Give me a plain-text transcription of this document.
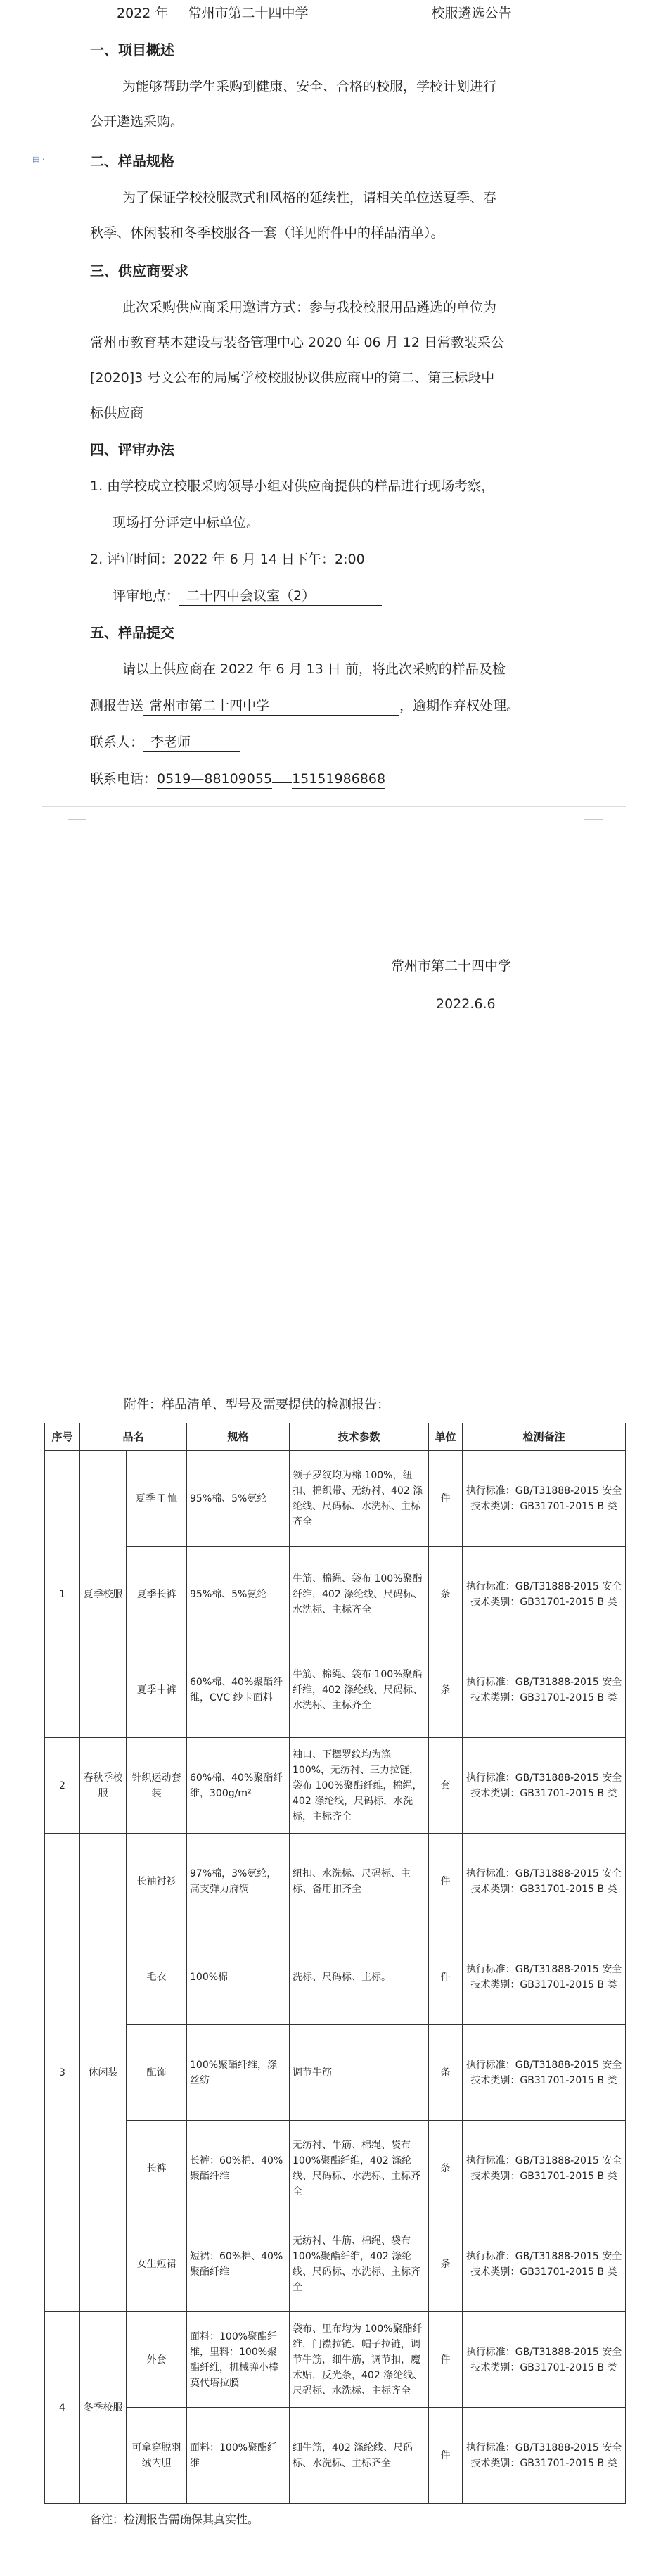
2022 年 常州市第二十四中学	校服遴选公告
一、项目概述
为能够帮助学生采购到健康、安全、合格的校服，学校计划进行
公开遴选采购。
▤ ·	二、样品规格
为了保证学校校服款式和风格的延续性，请相关单位送夏季、春
秋季、休闲装和冬季校服各一套（详见附件中的样品清单）。
三、供应商要求
此次采购供应商采用邀请方式：参与我校校服用品遴选的单位为
常州市教育基本建设与装备管理中心 2020 年 06 月 12 日常教装采公
[2020]3 号文公布的局属学校校服协议供应商中的第二、第三标段中
标供应商
四、评审办法
1. 由学校成立校服采购领导小组对供应商提供的样品进行现场考察，
现场打分评定中标单位。
2. 评审时间：2022 年 6 月 14 日下午：2:00
评审地点： 二十四中会议室（2）
五、样品提交
请以上供应商在 2022 年 6 月 13 日 前，将此次采购的样品及检
测报告送 常州市第二十四中学	，逾期作弃权处理。
联系人： 李老师
联系电话：0519—88109055 15151986868
常州市第二十四中学
2022.6.6
附件：样品清单、型号及需要提供的检测报告：
序号	品名		规格	技术参数	单位	检测备注
1	夏季校服	夏季 T 恤	95%棉、5%氨纶	领子罗纹均为棉 100%，纽扣、棉织带、无纺衬、402 涤纶线、尺码标、水洗标、主标齐全	件	执行标准：GB/T31888-2015 安全技术类别：GB31701-2015 B 类
		夏季长裤	95%棉、5%氨纶	牛筋、棉绳、袋布 100%聚酯纤维，402 涤纶线、尺码标、水洗标、主标齐全	条	执行标准：GB/T31888-2015 安全技术类别：GB31701-2015 B 类
		夏季中裤	60%棉、40%聚酯纤维，CVC 纱卡面料	牛筋、棉绳、袋布 100%聚酯纤维，402 涤纶线、尺码标、水洗标、主标齐全	条	执行标准：GB/T31888-2015 安全技术类别：GB31701-2015 B 类
2	春秋季校服	针织运动套装	60%棉、40%聚酯纤维，300g/m²	袖口、下摆罗纹均为涤 100%，无纺衬、三力拉链，袋布 100%聚酯纤维，棉绳，402 涤纶线，尺码标，水洗标，主标齐全	套	执行标准：GB/T31888-2015 安全技术类别：GB31701-2015 B 类
3	休闲装	长袖衬衫	97%棉，3%氨纶，高支弹力府绸	纽扣、水洗标、尺码标、主标、备用扣齐全	件	执行标准：GB/T31888-2015 安全技术类别：GB31701-2015 B 类
		毛衣	100%棉	洗标、尺码标、主标。	件	执行标准：GB/T31888-2015 安全技术类别：GB31701-2015 B 类
		配饰	100%聚酯纤维，涤丝纺	调节牛筋	条	执行标准：GB/T31888-2015 安全技术类别：GB31701-2015 B 类
		长裤	长裤：60%棉、40%聚酯纤维	无纺衬、牛筋、棉绳、袋布 100%聚酯纤维，402 涤纶线、尺码标、水洗标、主标齐全	条	执行标准：GB/T31888-2015 安全技术类别：GB31701-2015 B 类
		女生短裙	短裙：60%棉、40%聚酯纤维	无纺衬、牛筋、棉绳、袋布 100%聚酯纤维，402 涤纶线、尺码标、水洗标、主标齐全	条	执行标准：GB/T31888-2015 安全技术类别：GB31701-2015 B 类
4	冬季校服	外套	面料：100%聚酯纤维，里料：100%聚酯纤维，机械弹小棒莫代塔拉膜	袋布、里布均为 100%聚酯纤维，门襟拉链、帽子拉链，调节牛筋，细牛筋，调节扣，魔术贴，反光条，402 涤纶线、尺码标、水洗标、主标齐全	件	执行标准：GB/T31888-2015 安全技术类别：GB31701-2015 B 类
		可拿穿脱羽绒内胆	面料：100%聚酯纤维	细牛筋，402 涤纶线、尺码标、水洗标、主标齐全	件	执行标准：GB/T31888-2015 安全技术类别：GB31701-2015 B 类
备注：检测报告需确保其真实性。
